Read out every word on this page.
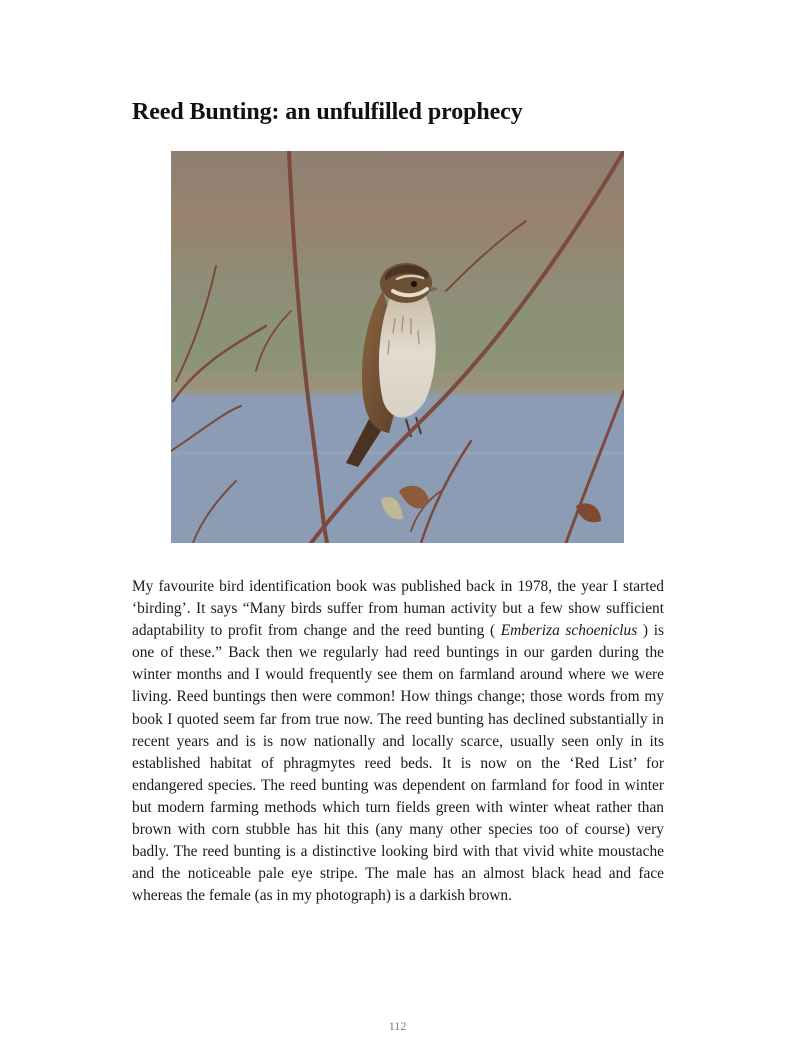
Reed Bunting: an unfulfilled prophecy

My favourite bird identification book was published back in 1978, the year I started ‘birding’. It says “Many birds suffer from human activity but a few show sufficient adaptability to profit from change and the reed bunting ( Emberiza schoeniclus ) is one of these.” Back then we regularly had reed buntings in our garden during the winter months and I would frequently see them on farmland around where we were living. Reed buntings then were common! How things change; those words from my book I quoted seem far from true now. The reed bunting has declined substantially in recent years and is is now nationally and locally scarce, usually seen only in its established habitat of phragmytes reed beds. It is now on the ‘Red List’ for endangered species. The reed bunting was dependent on farmland for food in winter but modern farming methods which turn fields green with winter wheat rather than brown with corn stubble has hit this (any many other species too of course) very badly. The reed bunting is a distinctive looking bird with that vivid white moustache and the noticeable pale eye stripe. The male has an almost black head and face whereas the female (as in my photograph) is a darkish brown.

112
